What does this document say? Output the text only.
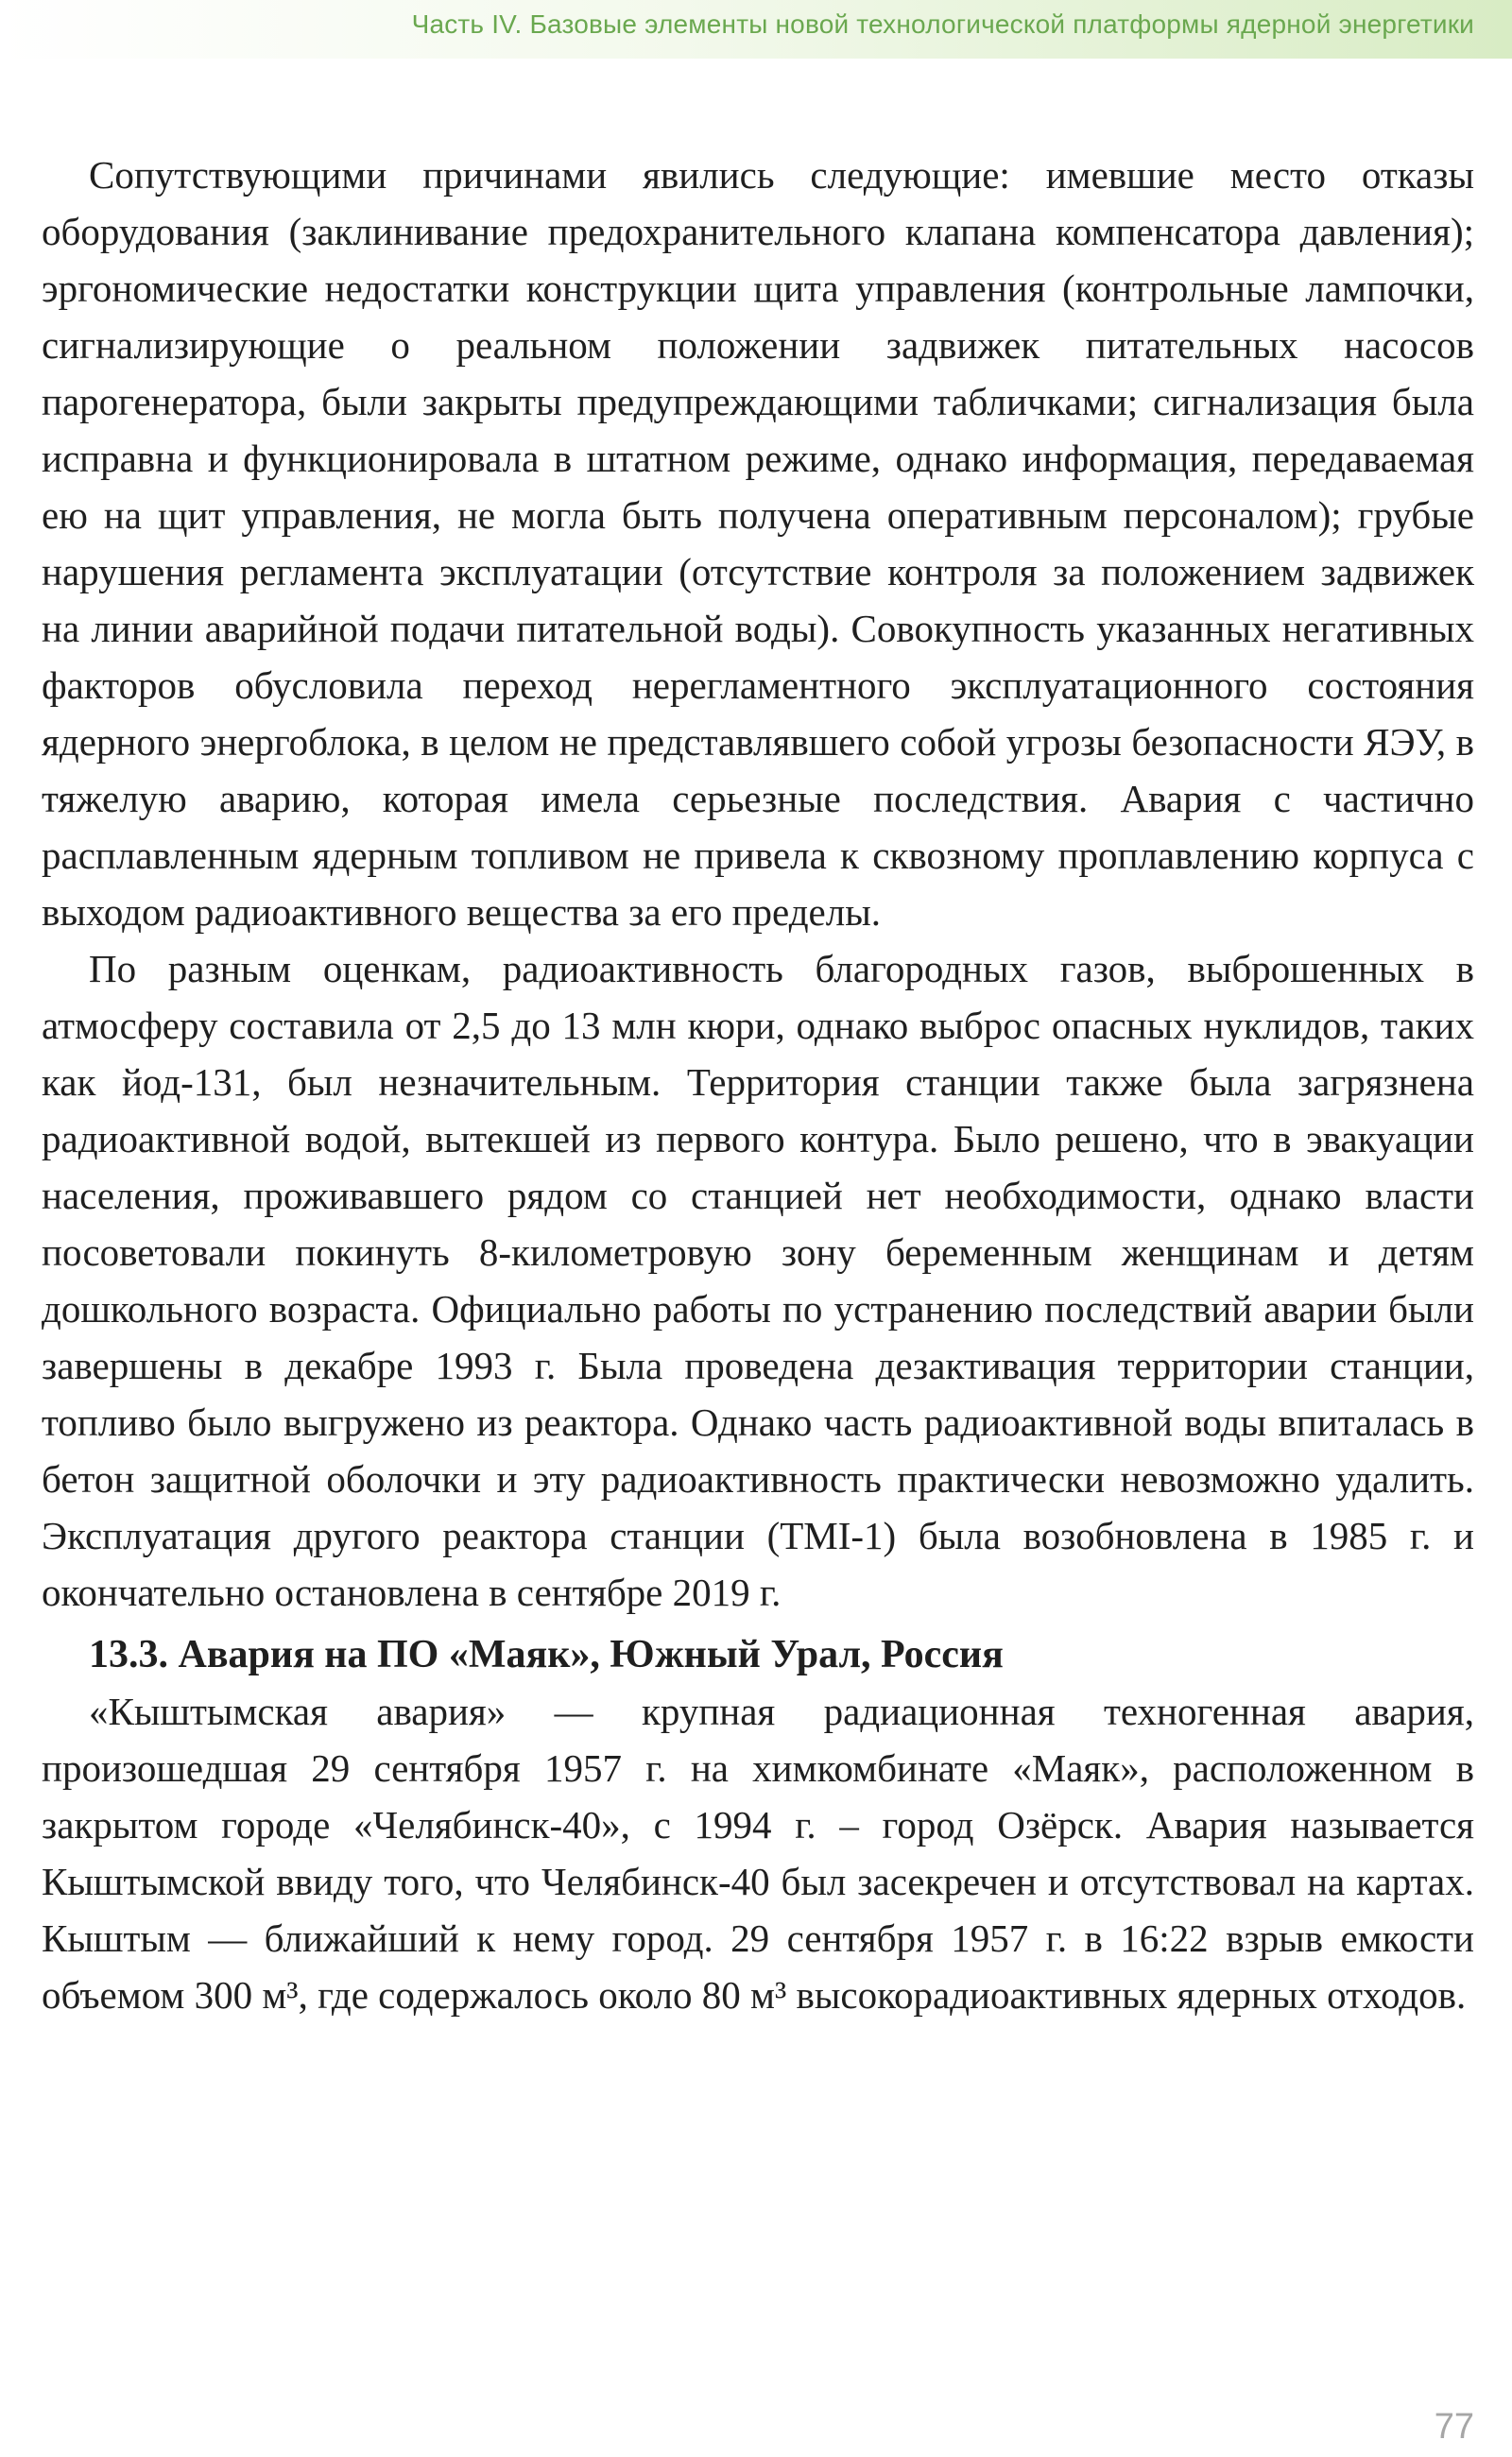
Часть IV. Базовые элементы новой технологической платформы ядерной энергетики

Сопутствующими причинами явились следующие: имевшие место отказы оборудования (заклинивание предохранительного клапана компенсатора давления); эргономические недостатки конструкции щита управления (контрольные лампочки, сигнализирующие о реальном положении задвижек питательных насосов парогенератора, были закрыты предупреждающими табличками; сигнализация была исправна и функционировала в штатном режиме, однако информация, передаваемая ею на щит управления, не могла быть получена оперативным персоналом); грубые нарушения регламента эксплуатации (отсутствие контроля за положением задвижек на линии аварийной подачи питательной воды). Совокупность указанных негативных факторов обусловила переход нерегламентного эксплуатационного состояния ядерного энергоблока, в целом не представлявшего собой угрозы безопасности ЯЭУ, в тяжелую аварию, которая имела серьезные последствия. Авария с частично расплавленным ядерным топливом не привела к сквозному проплавлению корпуса с выходом радиоактивного вещества за его пределы.

По разным оценкам, радиоактивность благородных газов, выброшенных в атмосферу составила от 2,5 до 13 млн кюри, однако выброс опасных нуклидов, таких как йод-131, был незначительным. Территория станции также была загрязнена радиоактивной водой, вытекшей из первого контура. Было решено, что в эвакуации населения, проживавшего рядом со станцией нет необходимости, однако власти посоветовали покинуть 8-километровую зону беременным женщинам и детям дошкольного возраста. Официально работы по устранению последствий аварии были завершены в декабре 1993 г. Была проведена дезактивация территории станции, топливо было выгружено из реактора. Однако часть радиоактивной воды впиталась в бетон защитной оболочки и эту радиоактивность практически невозможно удалить. Эксплуатация другого реактора станции (TMI-1) была возобновлена в 1985 г. и окончательно остановлена в сентябре 2019 г.

13.3. Авария на ПО «Маяк», Южный Урал, Россия

«Кыштымская авария» — крупная радиационная техногенная авария, произошедшая 29 сентября 1957 г. на химкомбинате «Маяк», расположенном в закрытом городе «Челябинск-40», с 1994 г. – город Озёрск. Авария называется Кыштымской ввиду того, что Челябинск-40 был засекречен и отсутствовал на картах. Кыштым — ближайший к нему город. 29 сентября 1957 г. в 16:22 взрыв емкости объемом 300 м³, где содержалось около 80 м³ высокорадиоактивных ядерных отходов.

77
